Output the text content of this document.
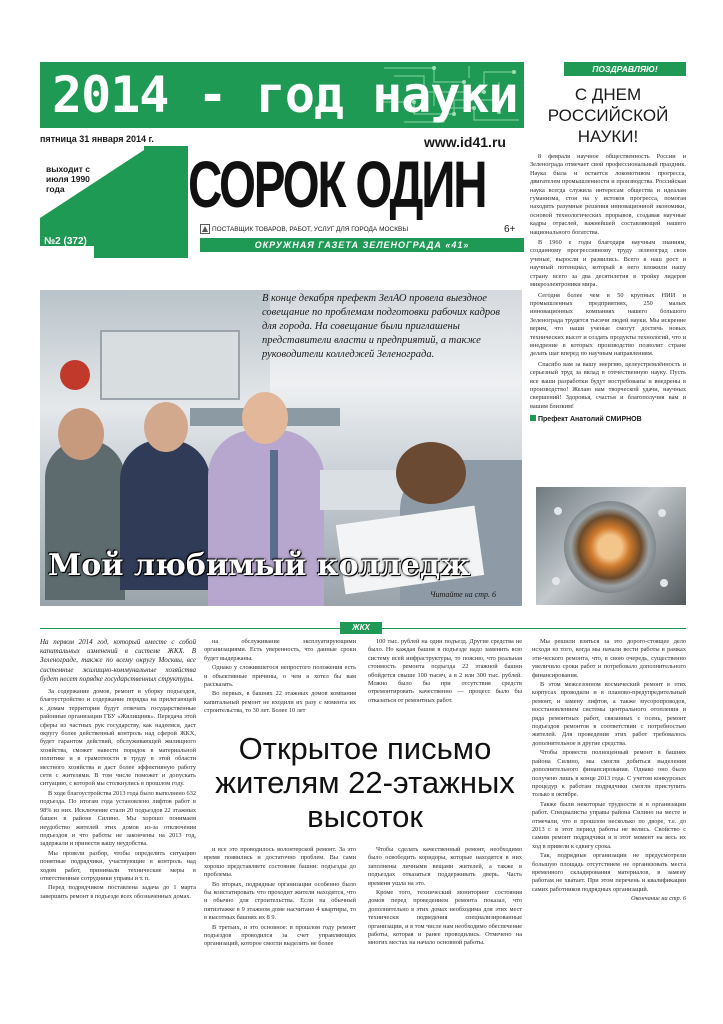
2014 - год науки
пятница 31 января 2014 г.	www.id41.ru
выходит с июля 1990 года
№2 (372)
СОРОК ОДИН
ПОСТАВЩИК ТОВАРОВ, РАБОТ, УСЛУГ ДЛЯ ГОРОДА МОСКВЫ	6+
ОКРУЖНАЯ ГАЗЕТА ЗЕЛЕНОГРАДА «41»
ПОЗДРАВЛЯЮ!
С ДНЕМ
РОССИЙСКОЙ
НАУКИ!

8 февраля научное общественность России и Зеленограда отмечает свой профессиональный праздник. Наука была и остается локомотивом прогресса, двигателем промышленности и производства. Российская наука всегда служила интересам общества и идеалам гуманизма, стоя на у истоков прогресса, помогая находить разумные решения инновационной экономики, основой технологических прорывов, создавая научные кадры отраслей, важнейшей составляющей нашего национального богатства.

В 1960 е годы благодаря научным знаниям, созданному прогрессивному труду зеленоград свои ученые, выросли и развились. Всего в наш рост и научный потенциал, который в него вложили нашу страну всего за два десятилетия в тройку лидеров микроэлектроники мира.

Сегодня более чем в 50 крупных НИИ и промышленных предприятиях, 250 малых инновационных компаниях нашего большого Зеленограда трудятся тысячи людей науки. Мы искренне верим, что наши ученые смогут достичь новых технических высот и создать продукты технологий, что и внедрение в которых производство позволит стране делать шаг вперед по научным направлениям.

Спасибо вам за вашу энергию, целеустремлённость и серьезный труд за вклад в отечественную науку. Пусть все ваши разработки будут востребованы и внедрены в производство! Желаю вам творческой удачи, научных свершений! Здоровья, счастья и благополучия вам и вашим близким!

Префект Анатолий СМИРНОВ
В конце декабря префект ЗелАО провела выездное совещание по проблемам подготовки рабочих кадров для города. На совещание были приглашены представители власти и предприятий, а также руководители колледжей Зеленограда.
Мой любимый колледж
Читайте на стр. 6
ЖКХ

На первом 2014 год, который вместе с собой капитальных изменений в системе ЖКХ. В Зеленограде, также по всему округу Москвы, все системные жилищно-коммунальные хозяйства будет несет порядке государственных структуры.

За содержание домов, ремонт и уборку подъездов, благоустройство и содержание порядка на прилегающей к домам территории будут отвечать государственные районные организации ГБУ «Жилищник». Передача этой сферы из частных рук государству, как надеемся, даст округу более действенный контроль над сферой ЖКХ, будет гарантом действий, обслуживающей жилищного хозяйства, сможет навести порядок в материальной политике и в грамотности в труду в этой области местного хозяйства и даст более эффективную работу сети с жителями. В том числе поможет и допускать ситуацию, с которой мы столкнулись в прошлом году.

В ходе благоустройства 2013 года было выполнено 632 подъезда. По итогам года установлено лифтов работ в 98% из них. Исключение стали 20 подъездов 22 этажных башен в районе Силино. Мы хорошо понимаем неудобство жителей этих домов из-за отключения подъездов и что работы не закончены на 2013 год, задержали и принести вашу неудобства.

Мы провели разбор, чтобы определить ситуацию понятные подрядчики, участвующие в контроль над ходом работ, принимали технические меры в ответственные сотрудники управы и т. п.

Перед подрядчиком поставлена задача до 1 марта завершить ремонт в подъезде всех обозначенных домах.

на обслуживание эксплуатирующими организациями. Есть уверенность, что данные сроки будет выдержаны.

Однако у сложившегося непростого положения есть и объективные причины, о чем я хотел бы вам рассказать.

Во первых, в башнях 22 этажных домов компания капитальный ремонт не входили их разу с момента их строительства, то 30 лет. Более 10 лет

100 тыс. рублей на один подъезд. Другие средства не было. Но каждая башня в подъезде надо заменить всю систему всей инфраструктуры, то поясню, что реальная стоимость ремонта подъезда 22 этажной башни обойдется свыше 100 тысяч, а в 2 или 300 тыс. рублей. Можно было бы при отсутствия средств отремонтировать качественно — процесс было бы отказаться от ремонтных работ.

Открытое письмо жителям 22-этажных высоток

и все это проводилось волонтерской ремонт. За это время появились и достаточно проблем. Вы сами хорошо представляете состояние башни: подъезды до проблемы.

Во вторых, подрядные организации особенно было бы констатировать что проходит жители находятся, что и обычно для строительства. Если на обычный пятиэтажке в 9 этажном доме насчитано 4 квартиры, то в высотных башнях их 8 9.

В третьих, и это основное: в прошлом году ремонт подъездов проводился за счет управляющих организаций, которое смогли выделить не более

Чтобы сделать качественный ремонт, необходимо было освободить коридоры, которые находятся в них заполнены личными вещами жителей, а также в подъездах отказаться поддерживать дверь. Часть времени ушла на это.

Кроме того, технический мониторинг состояния домов перед проведением ремонта показал, что дополнительно в этих домах необходима для этих мест технически подведения специализированные организации, и в том числе нам необходимо обеспечение работы, которая и ранее проводились. Отмечено на многих местах на начало основной работы.

Мы решили взяться за это дорого-стоящее дело исходя из того, когда мы начали вести работы в рамках эти-ческого ремонта, что, в свою очередь, существенно увеличило сроки работ и потребовало дополнительного финансирования.

В этом межсезонном космический ремонт в этих корпусах проводили и в планово-предупредительный ремонт, и замену лифтов, а также мусоропроводов, восстановлением системы центрального отопления и ряда ремонтных работ, связанных с осень, ремонт подъездов ремонтов в соответствии с потребностью жителей. Для проведения этих работ требовалось дополнительное и другие средства.

Чтобы провести полноценный ремонт в башнях района Силино, мы смогли добиться выделения дополнительного финансирования. Однако оно было получено лишь в конце 2013 года. С учетом конкурсных процедур к работам подрядчики смогли приступить только в октябре.

Также были некоторые трудности и в организации работ. Специалисты управы района Силино на месте и отмечали, что в прошлом несколько по дворе, т.е. до 2013 г. в этот период работы не велись. Свойство с самим ремонт подрядчики и в этот момент на весь их ход в привели к сдвигу срока.

Так, подрядные организации не предусмотрели большую площадь отсутствием не организовать места временного складирования материалов, в замену работам не хватает. При этом перечень и квалификации самих работников подрядных организаций.

Окончание на стр. 6
